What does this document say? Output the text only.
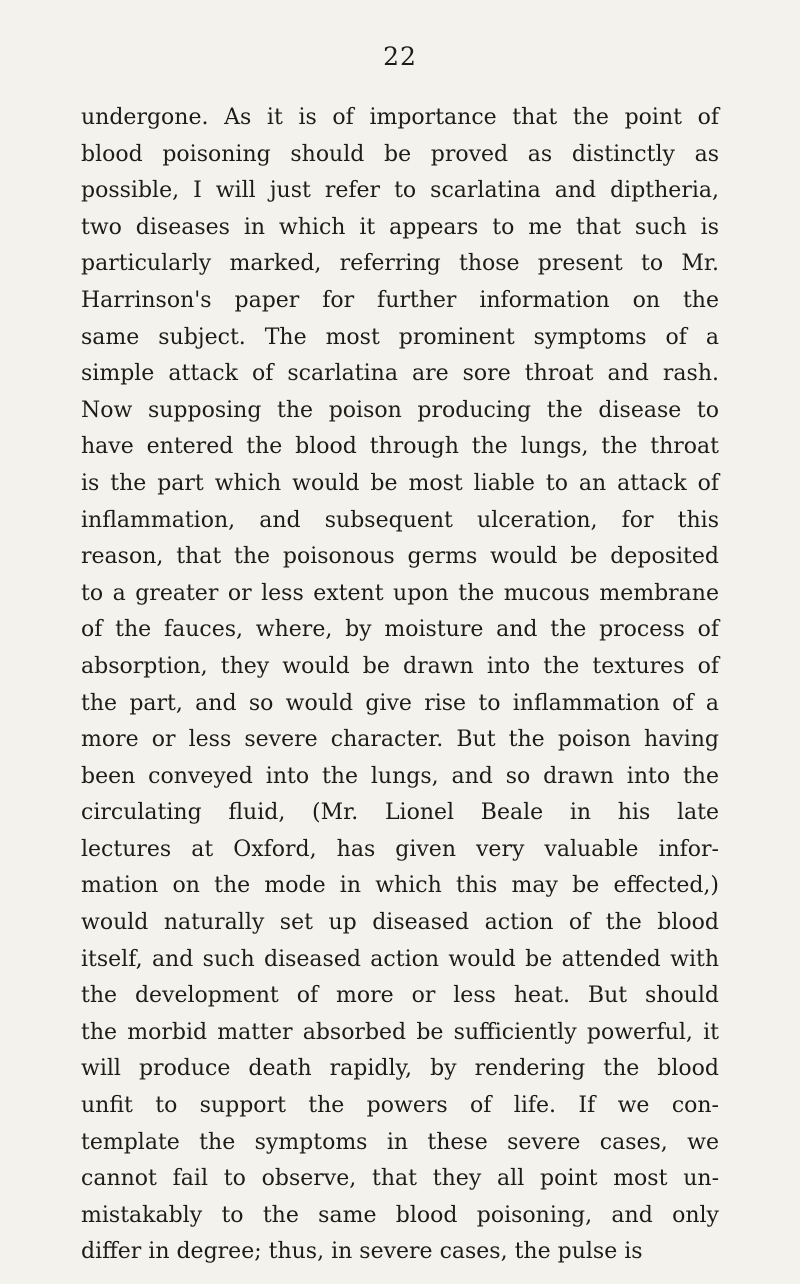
22
undergone. As it is of importance that the point of
blood poisoning should be proved as distinctly as
possible, I will just refer to scarlatina and diptheria,
two diseases in which it appears to me that such is
particularly marked, referring those present to Mr.
Harrinson's paper for further information on the
same subject. The most prominent symptoms of a
simple attack of scarlatina are sore throat and rash.
Now supposing the poison producing the disease to
have entered the blood through the lungs, the throat
is the part which would be most liable to an attack of
inflammation, and subsequent ulceration, for this
reason, that the poisonous germs would be deposited
to a greater or less extent upon the mucous membrane
of the fauces, where, by moisture and the process of
absorption, they would be drawn into the textures of
the part, and so would give rise to inflammation of a
more or less severe character. But the poison having
been conveyed into the lungs, and so drawn into the
circulating fluid, (Mr. Lionel Beale in his late
lectures at Oxford, has given very valuable infor-
mation on the mode in which this may be effected,)
would naturally set up diseased action of the blood
itself, and such diseased action would be attended with
the development of more or less heat. But should
the morbid matter absorbed be sufficiently powerful, it
will produce death rapidly, by rendering the blood
unfit to support the powers of life. If we con-
template the symptoms in these severe cases, we
cannot fail to observe, that they all point most un-
mistakably to the same blood poisoning, and only
differ in degree; thus, in severe cases, the pulse is
